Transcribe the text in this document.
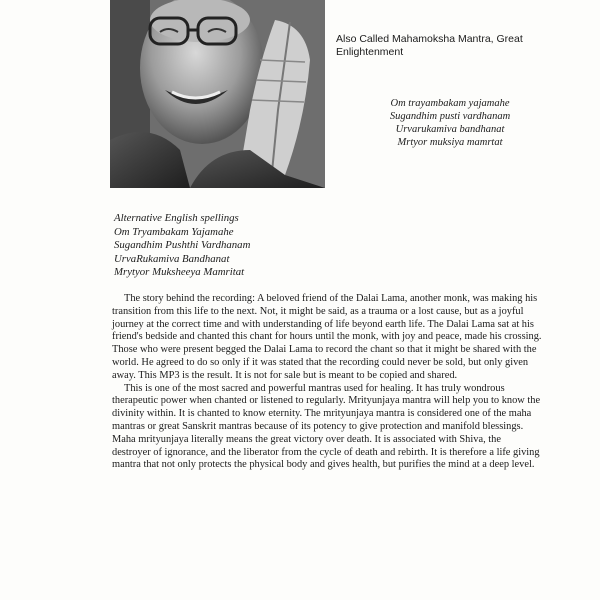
Also Called Mahamoksha Mantra, Great Enlightenment
Om trayambakam yajamahe
Sugandhim pusti vardhanam
Urvarukamiva bandhanat
Mrtyor muksiya mamrtat
Alternative English spellings
Om Tryambakam Yajamahe
Sugandhim Pushthi Vardhanam
UrvaRukamiva Bandhanat
Mrytyor Muksheeya Mamritat

The story behind the recording: A beloved friend of the Dalai Lama, another monk, was making his transition from this life to the next. Not, it might be said, as a trauma or a lost cause, but as a joyful journey at the correct time and with understanding of life beyond earth life. The Dalai Lama sat at his friend's bedside and chanted this chant for hours until the monk, with joy and peace, made his crossing. Those who were present begged the Dalai Lama to record the chant so that it might be shared with the world. He agreed to do so only if it was stated that the recording could never be sold, but only given away. This MP3 is the result. It is not for sale but is meant to be copied and shared.

This is one of the most sacred and powerful mantras used for healing. It has truly wondrous therapeutic power when chanted or listened to regularly. Mrityunjaya mantra will help you to know the divinity within. It is chanted to know eternity. The mrityunjaya mantra is considered one of the maha mantras or great Sanskrit mantras because of its potency to give protection and manifold blessings. Maha mrityunjaya literally means the great victory over death. It is associated with Shiva, the destroyer of ignorance, and the liberator from the cycle of death and rebirth. It is therefore a life giving mantra that not only protects the physical body and gives health, but purifies the mind at a deep level.
